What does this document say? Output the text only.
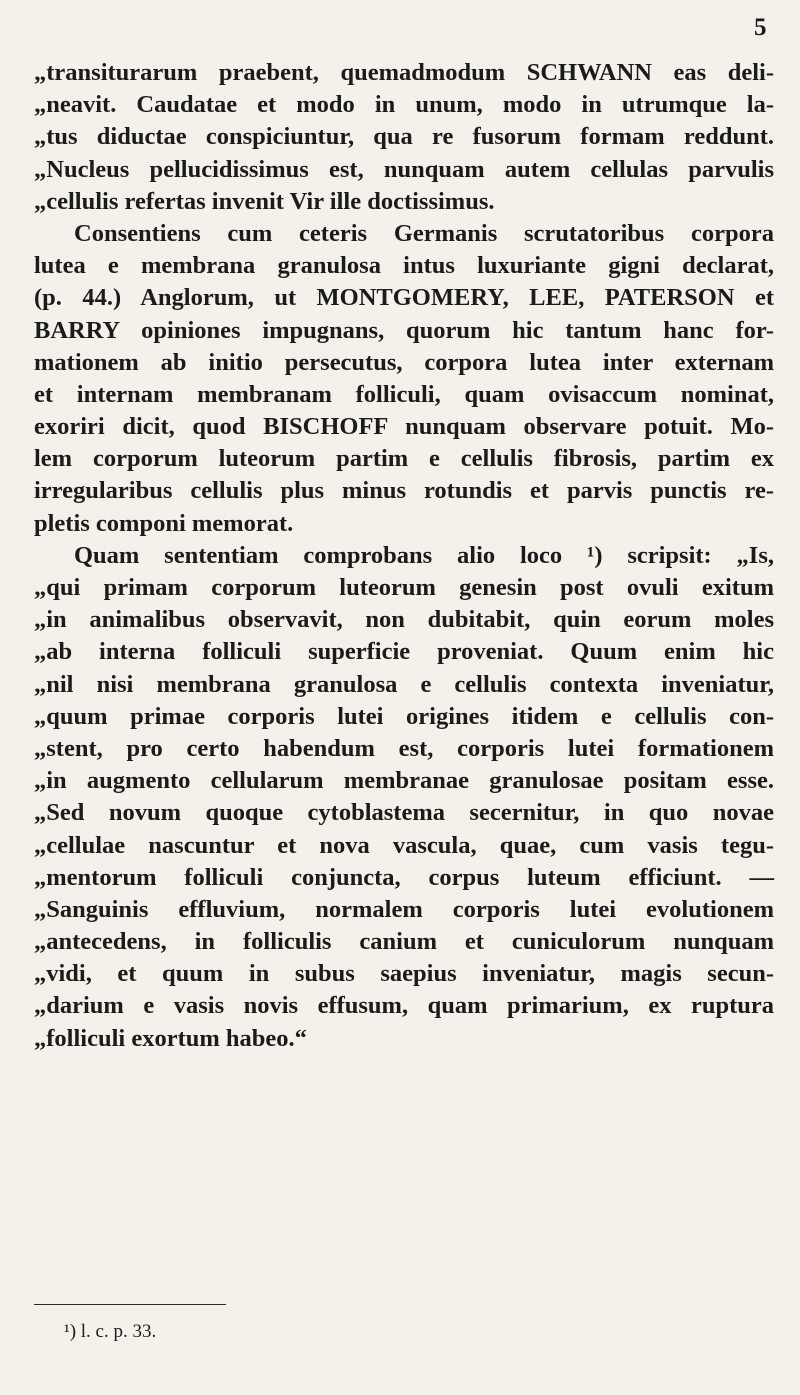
5
„transiturarum praebent, quemadmodum SCHWANN eas deli-
„neavit. Caudatae et modo in unum, modo in utrumque la-
„tus diductae conspiciuntur, qua re fusorum formam reddunt.
„Nucleus pellucidissimus est, nunquam autem cellulas parvulis
„cellulis refertas invenit Vir ille doctissimus.
Consentiens cum ceteris Germanis scrutatoribus corpora
lutea e membrana granulosa intus luxuriante gigni declarat,
(p. 44.) Anglorum, ut MONTGOMERY, LEE, PATERSON et
BARRY opiniones impugnans, quorum hic tantum hanc for-
mationem ab initio persecutus, corpora lutea inter externam
et internam membranam folliculi, quam ovisaccum nominat,
exoriri dicit, quod BISCHOFF nunquam observare potuit. Mo-
lem corporum luteorum partim e cellulis fibrosis, partim ex
irregularibus cellulis plus minus rotundis et parvis punctis re-
pletis componi memorat.
Quam sententiam comprobans alio loco ¹) scripsit: „Is,
„qui primam corporum luteorum genesin post ovuli exitum
„in animalibus observavit, non dubitabit, quin eorum moles
„ab interna folliculi superficie proveniat. Quum enim hic
„nil nisi membrana granulosa e cellulis contexta inveniatur,
„quum primae corporis lutei origines itidem e cellulis con-
„stent, pro certo habendum est, corporis lutei formationem
„in augmento cellularum membranae granulosae positam esse.
„Sed novum quoque cytoblastema secernitur, in quo novae
„cellulae nascuntur et nova vascula, quae, cum vasis tegu-
„mentorum folliculi conjuncta, corpus luteum efficiunt. —
„Sanguinis effluvium, normalem corporis lutei evolutionem
„antecedens, in folliculis canium et cuniculorum nunquam
„vidi, et quum in subus saepius inveniatur, magis secun-
„darium e vasis novis effusum, quam primarium, ex ruptura
„folliculi exortum habeo.“
¹) l. c. p. 33.
